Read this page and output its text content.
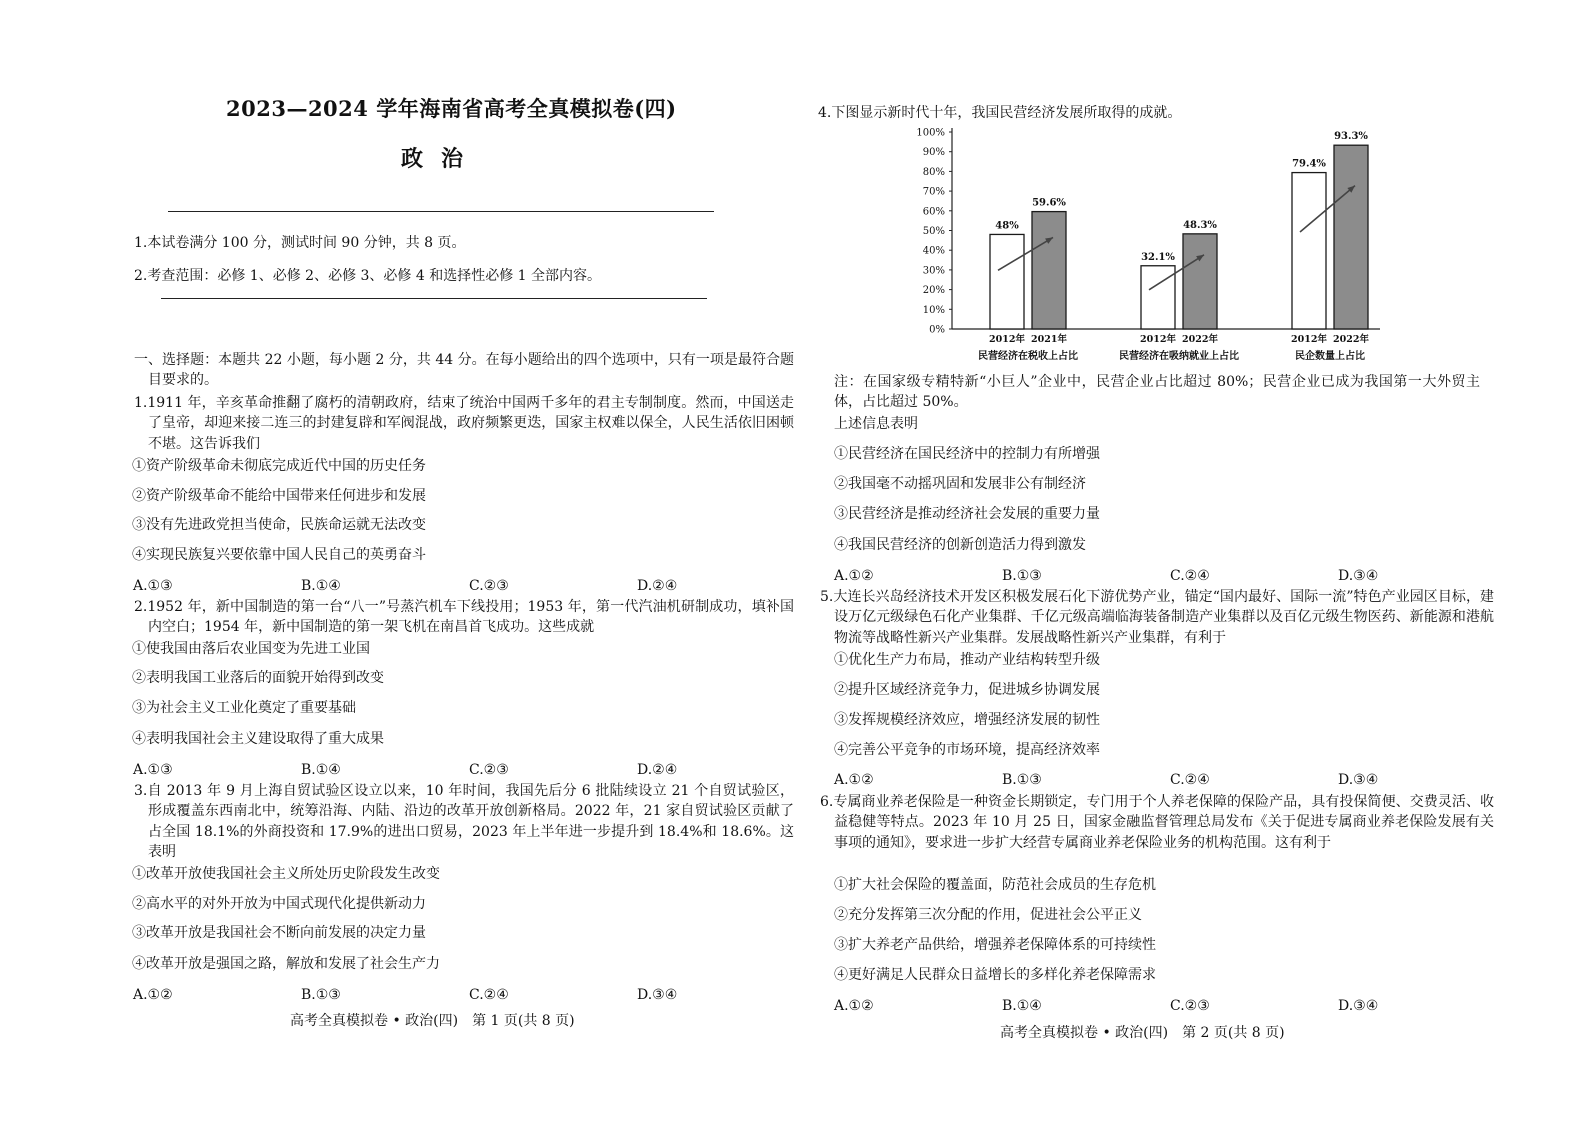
2023—2024 学年海南省高考全真模拟卷(四)
政治
1.本试卷满分 100 分，测试时间 90 分钟，共 8 页。
2.考查范围：必修 1、必修 2、必修 3、必修 4 和选择性必修 1 全部内容。
一、选择题：本题共 22 小题，每小题 2 分，共 44 分。在每小题给出的四个选项中，只有一项是最符合题目要求的。
1.1911 年，辛亥革命推翻了腐朽的清朝政府，结束了统治中国两千多年的君主专制制度。然而，中国送走了皇帝，却迎来接二连三的封建复辟和军阀混战，政府频繁更迭，国家主权难以保全，人民生活依旧困顿不堪。这告诉我们
①资产阶级革命未彻底完成近代中国的历史任务
②资产阶级革命不能给中国带来任何进步和发展
③没有先进政党担当使命，民族命运就无法改变
④实现民族复兴要依靠中国人民自己的英勇奋斗
A.①③	B.①④	C.②③	D.②④
2.1952 年，新中国制造的第一台“八一”号蒸汽机车下线投用；1953 年，第一代汽油机研制成功，填补国内空白；1954 年，新中国制造的第一架飞机在南昌首飞成功。这些成就
①使我国由落后农业国变为先进工业国
②表明我国工业落后的面貌开始得到改变
③为社会主义工业化奠定了重要基础
④表明我国社会主义建设取得了重大成果
A.①③	B.①④	C.②③	D.②④
3.自 2013 年 9 月上海自贸试验区设立以来，10 年时间，我国先后分 6 批陆续设立 21 个自贸试验区，形成覆盖东西南北中，统筹沿海、内陆、沿边的改革开放创新格局。2022 年，21 家自贸试验区贡献了占全国 18.1%的外商投资和 17.9%的进出口贸易，2023 年上半年进一步提升到 18.4%和 18.6%。这表明
①改革开放使我国社会主义所处历史阶段发生改变
②高水平的对外开放为中国式现代化提供新动力
③改革开放是我国社会不断向前发展的决定力量
④改革开放是强国之路，解放和发展了社会生产力
A.①②	B.①③	C.②④	D.③④
高考全真模拟卷 • 政治(四)　第 1 页(共 8 页)
4.下图显示新时代十年，我国民营经济发展所取得的成就。
0%
10%
20%
30%
40%
50%
60%
70%
80%
90%
100%
48%
2012年
59.6%
2021年
民营经济在税收上占比
32.1%
2012年
48.3%
2022年
民营经济在吸纳就业上占比
79.4%
2012年
93.3%
2022年
民企数量上占比
注：在国家级专精特新“小巨人”企业中，民营企业占比超过 80%；民营企业已成为我国第一大外贸主体，占比超过 50%。
上述信息表明
①民营经济在国民经济中的控制力有所增强
②我国毫不动摇巩固和发展非公有制经济
③民营经济是推动经济社会发展的重要力量
④我国民营经济的创新创造活力得到激发
A.①②	B.①③	C.②④	D.③④
5.大连长兴岛经济技术开发区积极发展石化下游优势产业，锚定“国内最好、国际一流”特色产业园区目标，建设万亿元级绿色石化产业集群、千亿元级高端临海装备制造产业集群以及百亿元级生物医药、新能源和港航物流等战略性新兴产业集群。发展战略性新兴产业集群，有利于
①优化生产力布局，推动产业结构转型升级
②提升区域经济竞争力，促进城乡协调发展
③发挥规模经济效应，增强经济发展的韧性
④完善公平竞争的市场环境，提高经济效率
A.①②	B.①③	C.②④	D.③④
6.专属商业养老保险是一种资金长期锁定，专门用于个人养老保障的保险产品，具有投保简便、交费灵活、收益稳健等特点。2023 年 10 月 25 日，国家金融监督管理总局发布《关于促进专属商业养老保险发展有关事项的通知》，要求进一步扩大经营专属商业养老保险业务的机构范围。这有利于
①扩大社会保险的覆盖面，防范社会成员的生存危机
②充分发挥第三次分配的作用，促进社会公平正义
③扩大养老产品供给，增强养老保障体系的可持续性
④更好满足人民群众日益增长的多样化养老保障需求
A.①②	B.①④	C.②③	D.③④
高考全真模拟卷 • 政治(四)　第 2 页(共 8 页)
